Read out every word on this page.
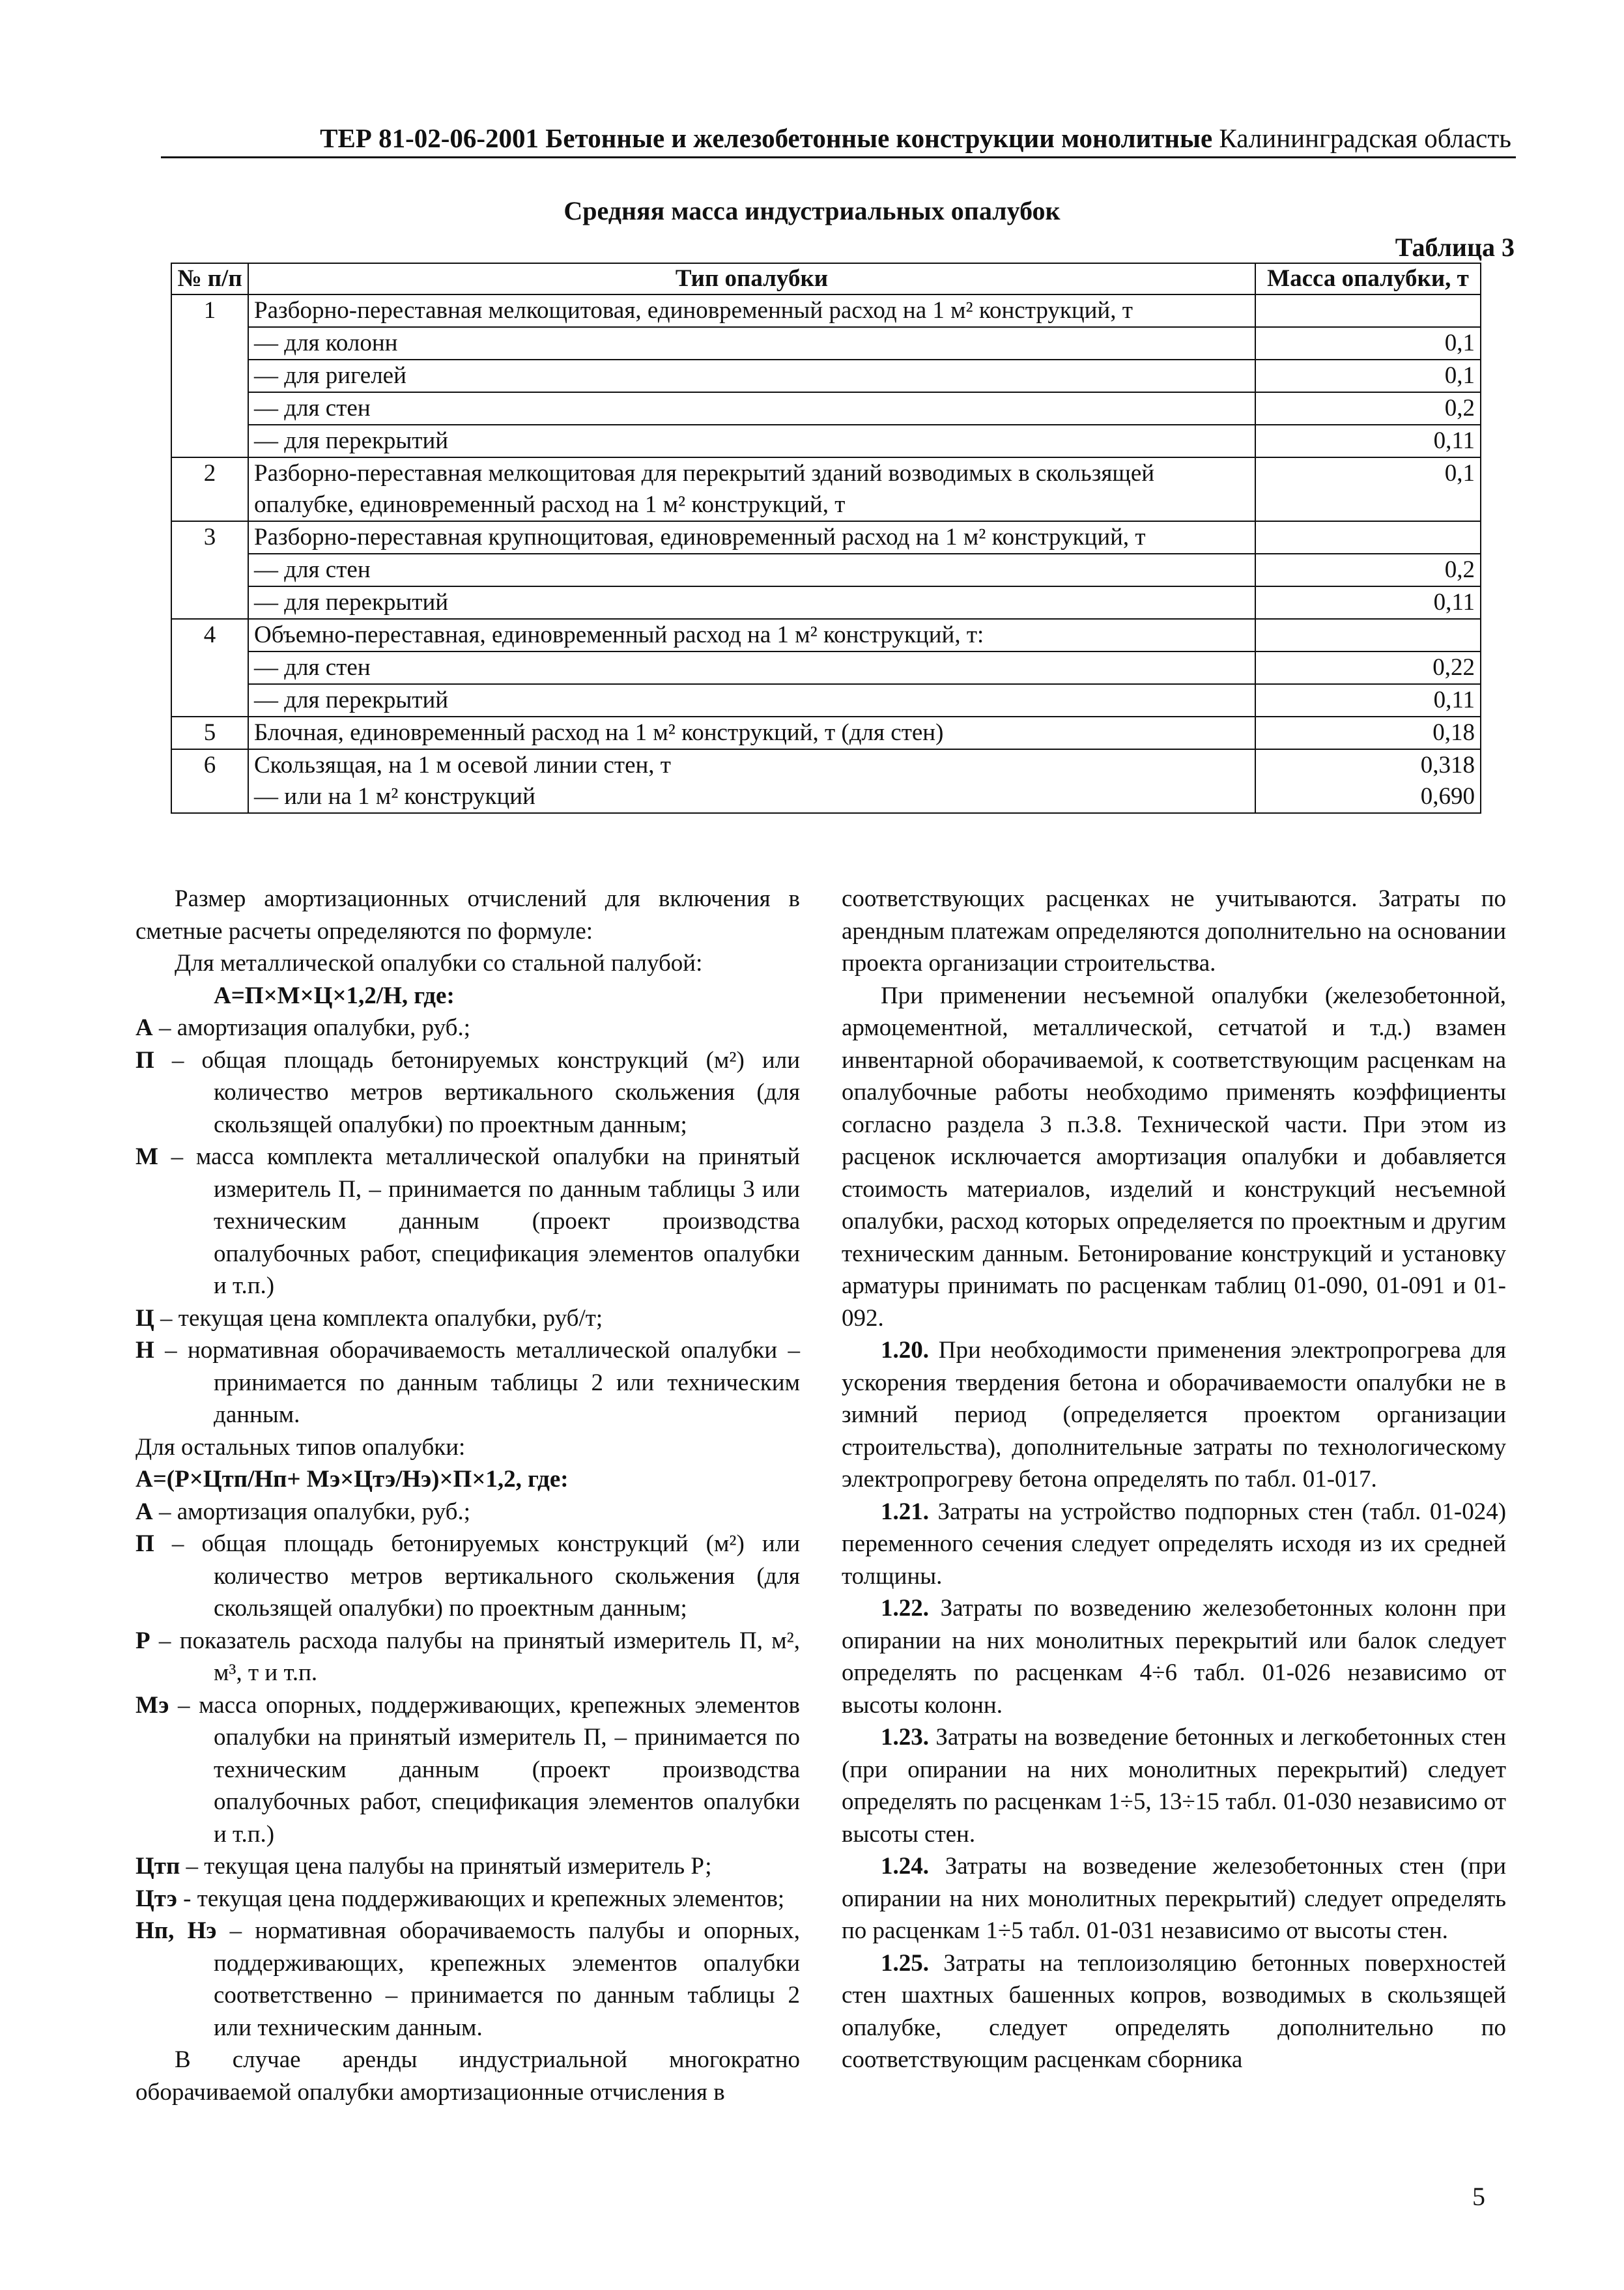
ТЕР 81-02-06-2001 Бетонные и железобетонные конструкции монолитные Калининградская область
Средняя масса индустриальных опалубок
Таблица 3
№ п/п	Тип опалубки	Масса опалубки, т
1	Разборно-переставная мелкощитовая, единовременный расход на 1 м² конструкций, т	
	— для колонн	0,1
	— для ригелей	0,1
	— для стен	0,2
	— для перекрытий	0,11
2	Разборно-переставная мелкощитовая для перекрытий зданий возводимых в скользящей опалубке, единовременный расход на 1 м² конструкций, т	0,1
3	Разборно-переставная крупнощитовая, единовременный расход на 1 м² конструкций, т	
	— для стен	0,2
	— для перекрытий	0,11
4	Объемно-переставная, единовременный расход на 1 м² конструкций, т:	
	— для стен	0,22
	— для перекрытий	0,11
5	Блочная, единовременный расход на 1 м² конструкций, т (для стен)	0,18
6	Скользящая, на 1 м осевой линии стен, т	0,318
	— или на 1 м² конструкций	0,690

Размер амортизационных отчислений для включения в сметные расчеты определяются по формуле:

Для металлической опалубки со стальной палубой:

А=П×М×Ц×1,2/Н, где:

А – амортизация опалубки, руб.;

П – общая площадь бетонируемых конструкций (м²) или количество метров вертикального скольжения (для скользящей опалубки) по проектным данным;

М – масса комплекта металлической опалубки на принятый измеритель П, – принимается по данным таблицы 3 или техническим данным (проект производства опалубочных работ, спецификация элементов опалубки и т.п.)

Ц – текущая цена комплекта опалубки, руб/т;

Н – нормативная оборачиваемость металлической опалубки – принимается по данным таблицы 2 или техническим данным.

Для остальных типов опалубки:

А=(Р×Цтп/Нп+ Мэ×Цтэ/Нэ)×П×1,2, где:

А – амортизация опалубки, руб.;

П – общая площадь бетонируемых конструкций (м²) или количество метров вертикального скольжения (для скользящей опалубки) по проектным данным;

Р – показатель расхода палубы на принятый измеритель П, м², м³, т и т.п.

Мэ – масса опорных, поддерживающих, крепежных элементов опалубки на принятый измеритель П, – принимается по техническим данным (проект производства опалубочных работ, спецификация элементов опалубки и т.п.)

Цтп – текущая цена палубы на принятый измеритель Р;

Цтэ - текущая цена поддерживающих и крепежных элементов;

Нп, Нэ – нормативная оборачиваемость палубы и опорных, поддерживающих, крепежных элементов опалубки соответственно – принимается по данным таблицы 2 или техническим данным.

В случае аренды индустриальной многократно оборачиваемой опалубки амортизационные отчисления в

соответствующих расценках не учитываются. Затраты по арендным платежам определяются дополнительно на основании проекта организации строительства.

При применении несъемной опалубки (железобетонной, армоцементной, металлической, сетчатой и т.д.) взамен инвентарной оборачиваемой, к соответствующим расценкам на опалубочные работы необходимо применять коэффициенты согласно раздела 3 п.3.8. Технической части. При этом из расценок исключается амортизация опалубки и добавляется стоимость материалов, изделий и конструкций несъемной опалубки, расход которых определяется по проектным и другим техническим данным. Бетонирование конструкций и установку арматуры принимать по расценкам таблиц 01-090, 01-091 и 01-092.

1.20. При необходимости применения электропрогрева для ускорения твердения бетона и оборачиваемости опалубки не в зимний период (определяется проектом организации строительства), дополнительные затраты по технологическому электропрогреву бетона определять по табл. 01-017.

1.21. Затраты на устройство подпорных стен (табл. 01-024) переменного сечения следует определять исходя из их средней толщины.

1.22. Затраты по возведению железобетонных колонн при опирании на них монолитных перекрытий или балок следует определять по расценкам 4÷6 табл. 01-026 независимо от высоты колонн.

1.23. Затраты на возведение бетонных и легкобетонных стен (при опирании на них монолитных перекрытий) следует определять по расценкам 1÷5, 13÷15 табл. 01-030 независимо от высоты стен.

1.24. Затраты на возведение железобетонных стен (при опирании на них монолитных перекрытий) следует определять по расценкам 1÷5 табл. 01-031 независимо от высоты стен.

1.25. Затраты на теплоизоляцию бетонных поверхностей стен шахтных башенных копров, возводимых в скользящей опалубке, следует определять дополнительно по соответствующим расценкам сборника

5
